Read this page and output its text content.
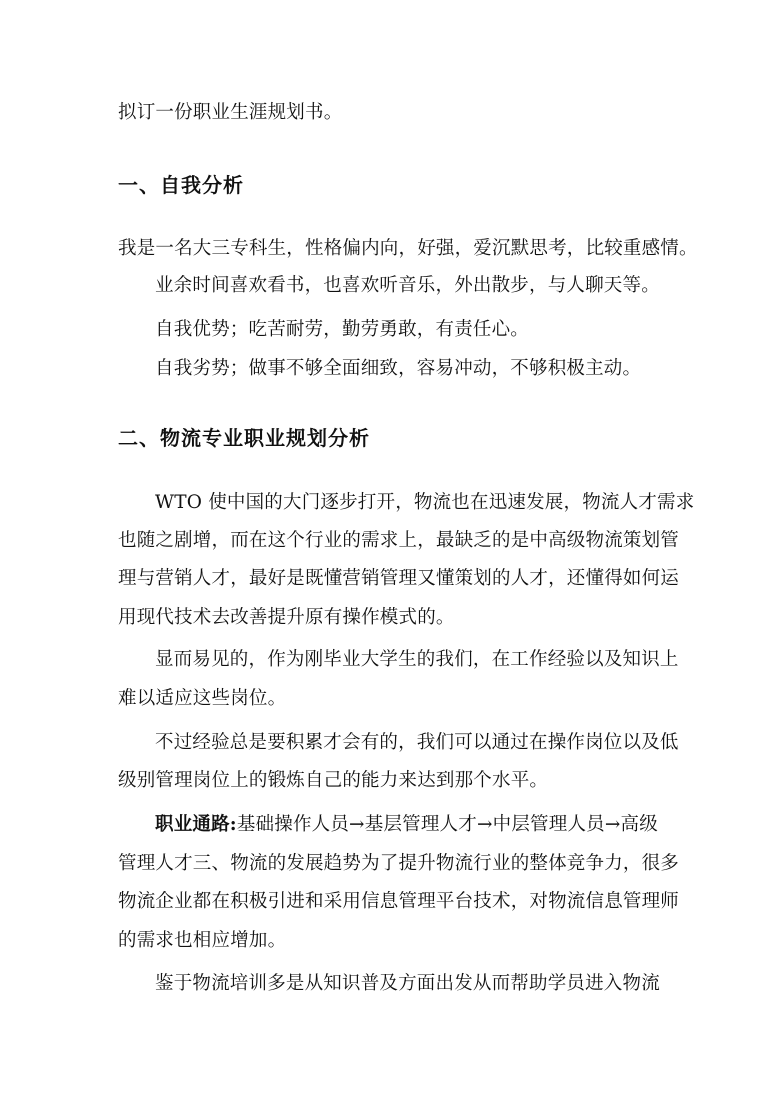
拟订一份职业生涯规划书。
一、自我分析
我是一名大三专科生，性格偏内向，好强，爱沉默思考，比较重感情。
业余时间喜欢看书，也喜欢听音乐，外出散步，与人聊天等。
自我优势；吃苦耐劳，勤劳勇敢，有责任心。
自我劣势；做事不够全面细致，容易冲动，不够积极主动。
二、物流专业职业规划分析
WTO 使中国的大门逐步打开，物流也在迅速发展，物流人才需求
也随之剧增，而在这个行业的需求上，最缺乏的是中高级物流策划管
理与营销人才，最好是既懂营销管理又懂策划的人才，还懂得如何运
用现代技术去改善提升原有操作模式的。
显而易见的，作为刚毕业大学生的我们，在工作经验以及知识上
难以适应这些岗位。
不过经验总是要积累才会有的，我们可以通过在操作岗位以及低
级别管理岗位上的锻炼自己的能力来达到那个水平。
职业通路:基础操作人员→基层管理人才→中层管理人员→高级
管理人才三、物流的发展趋势为了提升物流行业的整体竞争力，很多
物流企业都在积极引进和采用信息管理平台技术，对物流信息管理师
的需求也相应增加。
鉴于物流培训多是从知识普及方面出发从而帮助学员进入物流
